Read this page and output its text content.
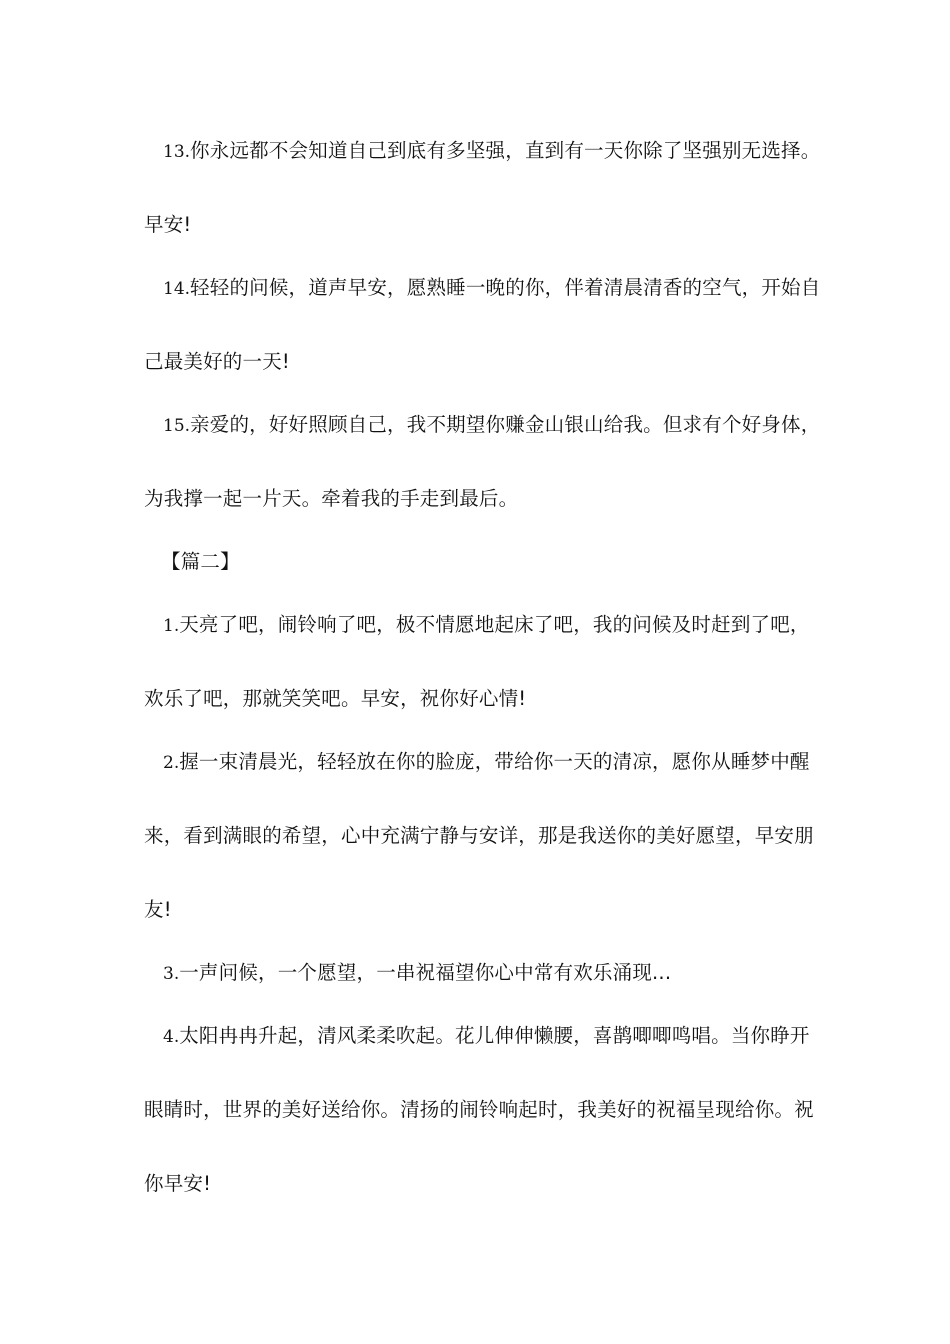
13.你永远都不会知道自己到底有多坚强，直到有一天你除了坚强别无选择。
早安!
14.轻轻的问候，道声早安，愿熟睡一晚的你，伴着清晨清香的空气，开始自
己最美好的一天!
15.亲爱的，好好照顾自己，我不期望你赚金山银山给我。但求有个好身体，
为我撑一起一片天。牵着我的手走到最后。
【篇二】
1.天亮了吧，闹铃响了吧，极不情愿地起床了吧，我的问候及时赶到了吧，
欢乐了吧，那就笑笑吧。早安，祝你好心情!
2.握一束清晨光，轻轻放在你的脸庞，带给你一天的清凉，愿你从睡梦中醒
来，看到满眼的希望，心中充满宁静与安详，那是我送你的美好愿望，早安朋
友!
3.一声问候，一个愿望，一串祝福望你心中常有欢乐涌现...
4.太阳冉冉升起，清风柔柔吹起。花儿伸伸懒腰，喜鹊唧唧鸣唱。当你睁开
眼睛时，世界的美好送给你。清扬的闹铃响起时，我美好的祝福呈现给你。祝
你早安!
